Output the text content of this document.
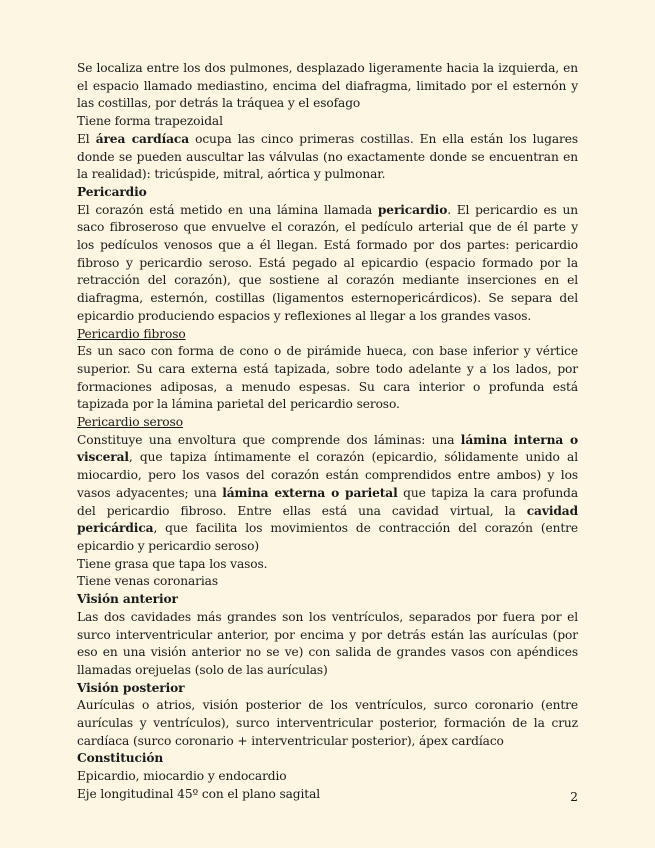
Se localiza entre los dos pulmones, desplazado ligeramente hacia la izquierda, en el espacio llamado mediastino, encima del diafragma, limitado por el esternón y las costillas, por detrás la tráquea y el esofago

Tiene forma trapezoidal

El área cardíaca ocupa las cinco primeras costillas. En ella están los lugares donde se pueden auscultar las válvulas (no exactamente donde se encuentran en la realidad): tricúspide, mitral, aórtica y pulmonar.

Pericardio

El corazón está metido en una lámina llamada pericardio. El pericardio es un saco fibroseroso que envuelve el corazón, el pedículo arterial que de él parte y los pedículos venosos que a él llegan. Está formado por dos partes: pericardio fibroso y pericardio seroso. Está pegado al epicardio (espacio formado por la retracción del corazón), que sostiene al corazón mediante inserciones en el diafragma, esternón, costillas (ligamentos esternopericárdicos). Se separa del epicardio produciendo espacios y reflexiones al llegar a los grandes vasos.

Pericardio fibroso

Es un saco con forma de cono o de pirámide hueca, con base inferior y vértice superior. Su cara externa está tapizada, sobre todo adelante y a los lados, por formaciones adiposas, a menudo espesas. Su cara interior o profunda está tapizada por la lámina parietal del pericardio seroso.

Pericardio seroso

Constituye una envoltura que comprende dos láminas: una lámina interna o visceral, que tapiza íntimamente el corazón (epicardio, sólidamente unido al miocardio, pero los vasos del corazón están comprendidos entre ambos) y los vasos adyacentes; una lámina externa o parietal que tapiza la cara profunda del pericardio fibroso. Entre ellas está una cavidad virtual, la cavidad pericárdica, que facilita los movimientos de contracción del corazón (entre epicardio y pericardio seroso)

Tiene grasa que tapa los vasos.

Tiene venas coronarias

Visión anterior

Las dos cavidades más grandes son los ventrículos, separados por fuera por el surco interventricular anterior, por encima y por detrás están las aurículas (por eso en una visión anterior no se ve) con salida de grandes vasos con apéndices llamadas orejuelas (solo de las aurículas)

Visión posterior

Aurículas o atrios, visión posterior de los ventrículos, surco coronario (entre aurículas y ventrículos), surco interventricular posterior, formación de la cruz cardíaca (surco coronario + interventricular posterior), ápex cardíaco

Constitución

Epicardio, miocardio y endocardio

Eje longitudinal 45º con el plano sagital	2
